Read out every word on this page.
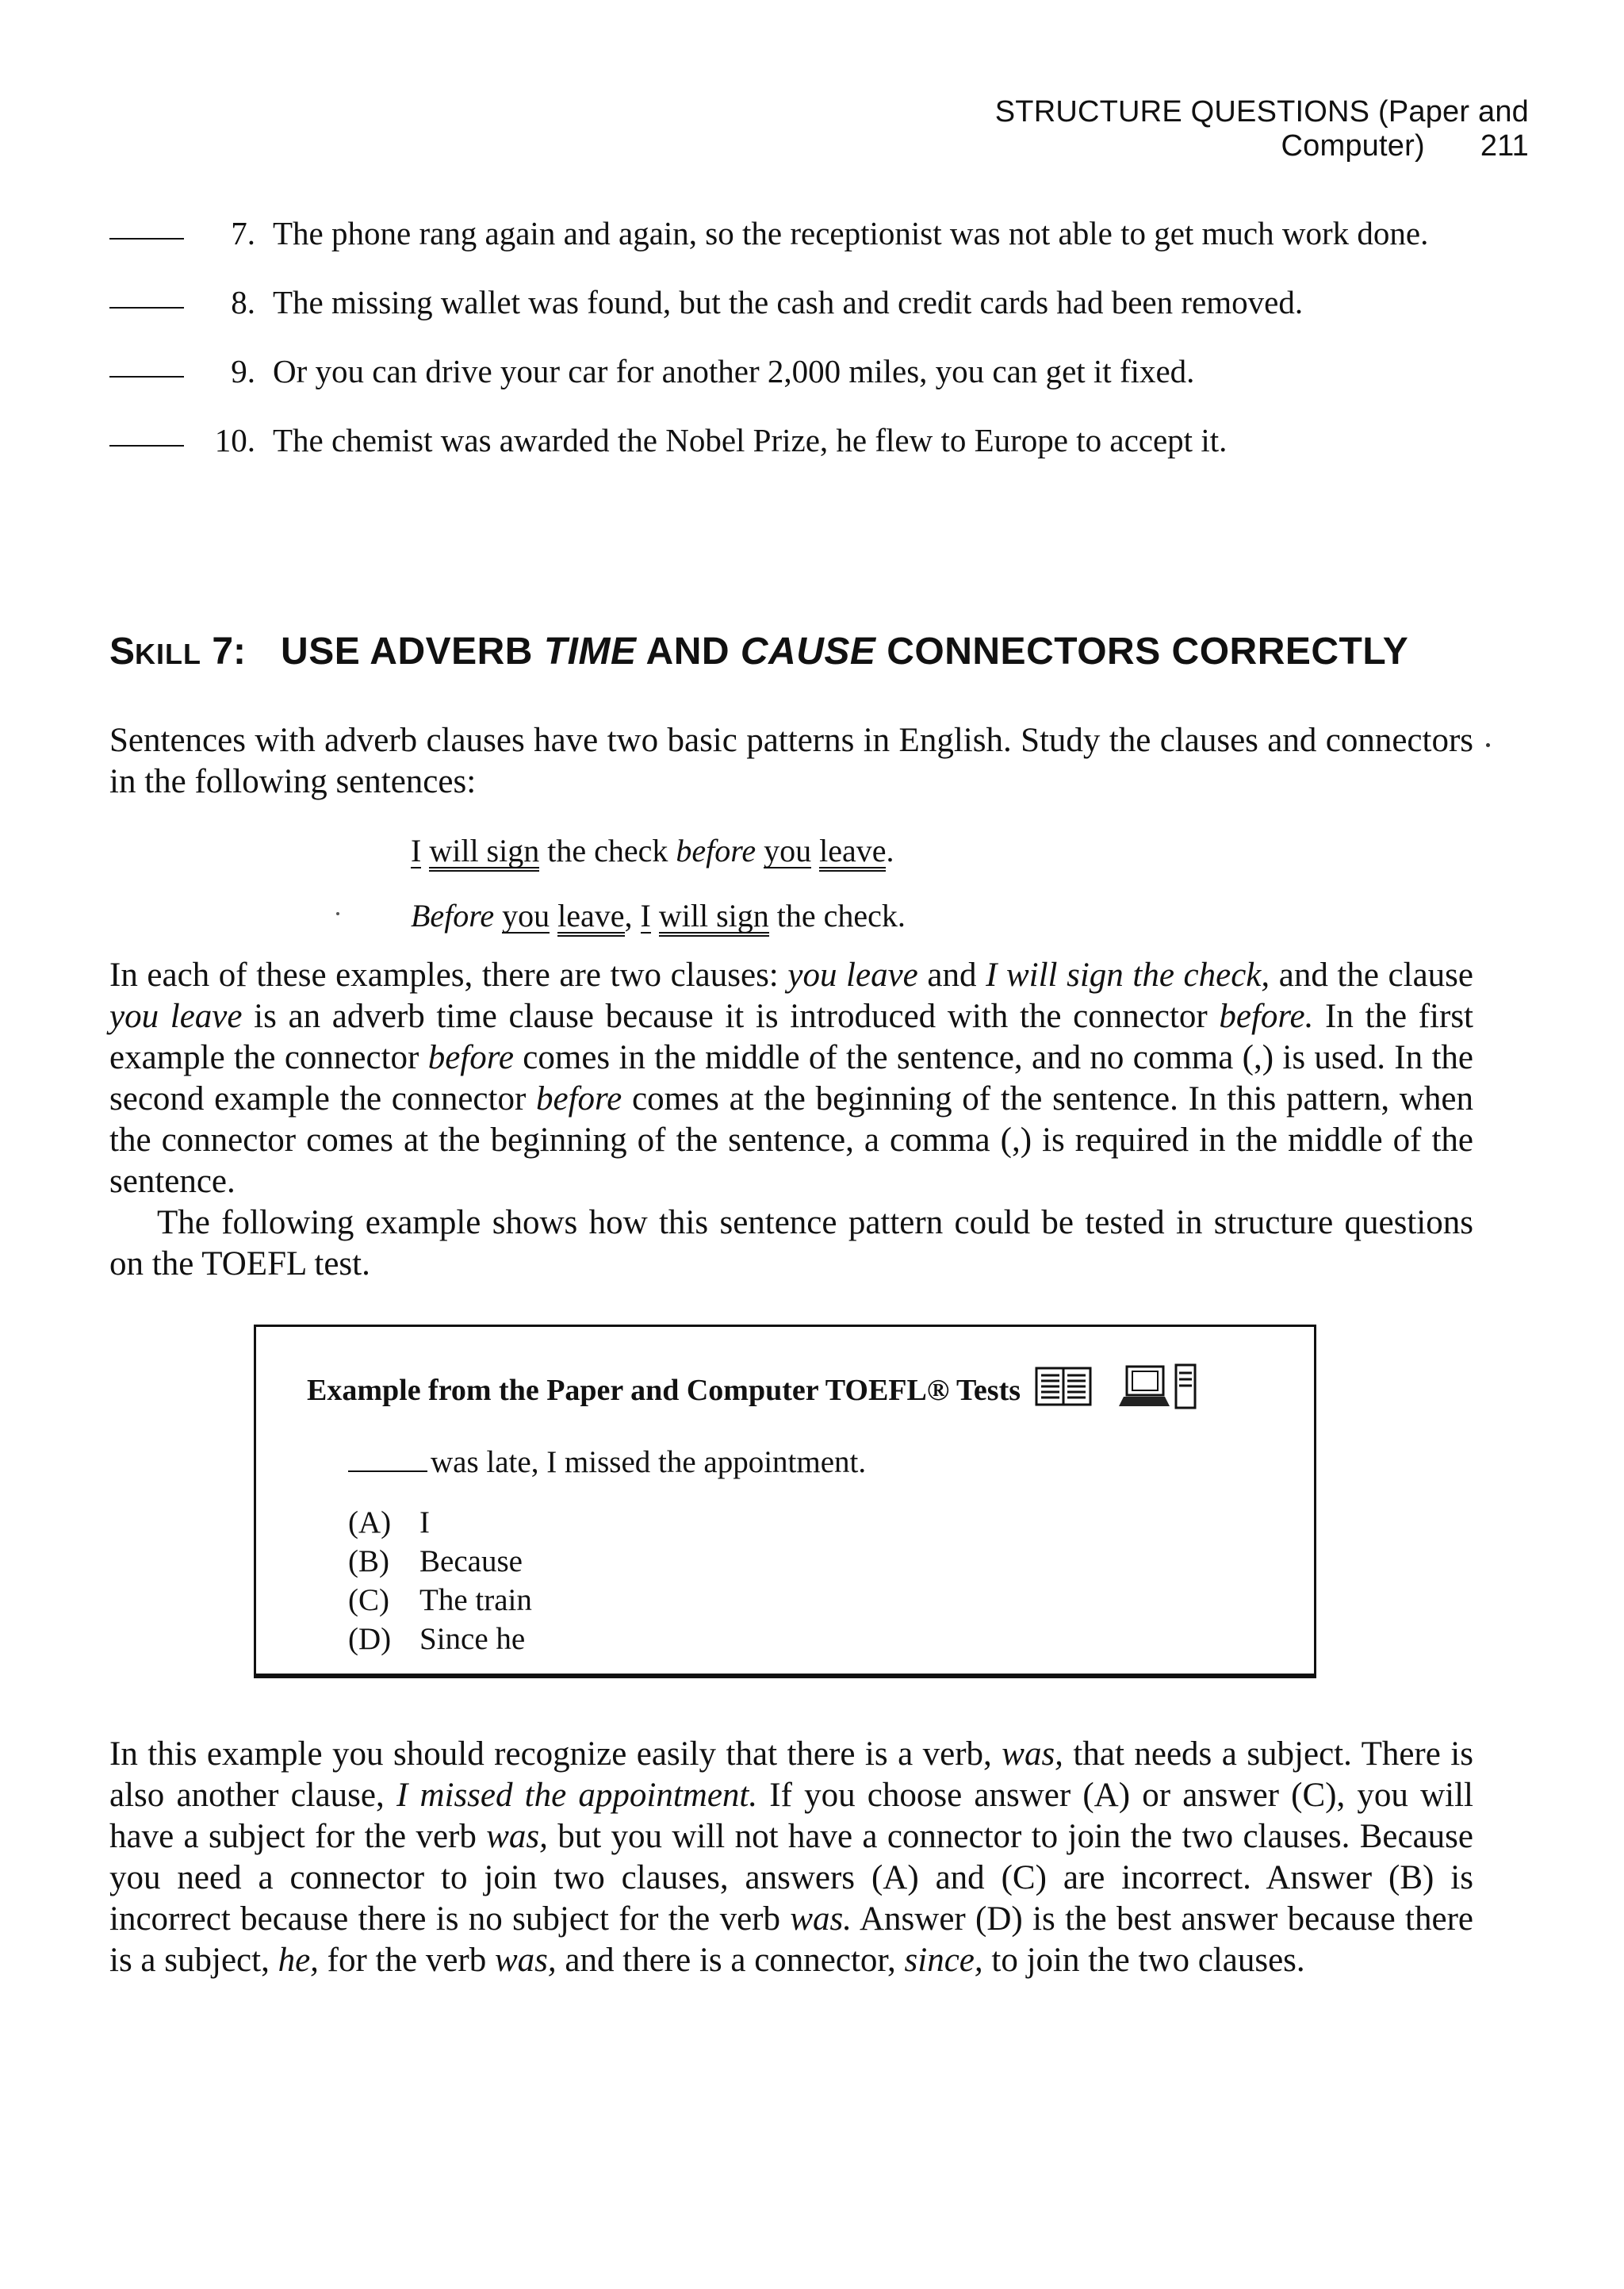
STRUCTURE QUESTIONS (Paper and Computer) 211
7. The phone rang again and again, so the receptionist was not able to get much work done.
8. The missing wallet was found, but the cash and credit cards had been removed.
9. Or you can drive your car for another 2,000 miles, you can get it fixed.
10. The chemist was awarded the Nobel Prize, he flew to Europe to accept it.
SKILL 7: USE ADVERB TIME AND CAUSE CONNECTORS CORRECTLY

Sentences with adverb clauses have two basic patterns in English. Study the clauses and connectors in the following sentences:

I will sign the check before you leave.
Before you leave, I will sign the check.

In each of these examples, there are two clauses: you leave and I will sign the check, and the clause you leave is an adverb time clause because it is introduced with the connector before. In the first example the connector before comes in the middle of the sentence, and no comma (,) is used. In the second example the connector before comes at the beginning of the sentence. In this pattern, when the connector comes at the beginning of the sentence, a comma (,) is required in the middle of the sentence.

The following example shows how this sentence pattern could be tested in structure questions on the TOEFL test.

Example from the Paper and Computer TOEFL® Tests
was late, I missed the appointment.
(A) I
(B) Because
(C) The train
(D) Since he

In this example you should recognize easily that there is a verb, was, that needs a subject. There is also another clause, I missed the appointment. If you choose answer (A) or answer (C), you will have a subject for the verb was, but you will not have a connector to join the two clauses. Because you need a connector to join two clauses, answers (A) and (C) are incorrect. Answer (B) is incorrect because there is no subject for the verb was. Answer (D) is the best answer because there is a subject, he, for the verb was, and there is a connector, since, to join the two clauses.
